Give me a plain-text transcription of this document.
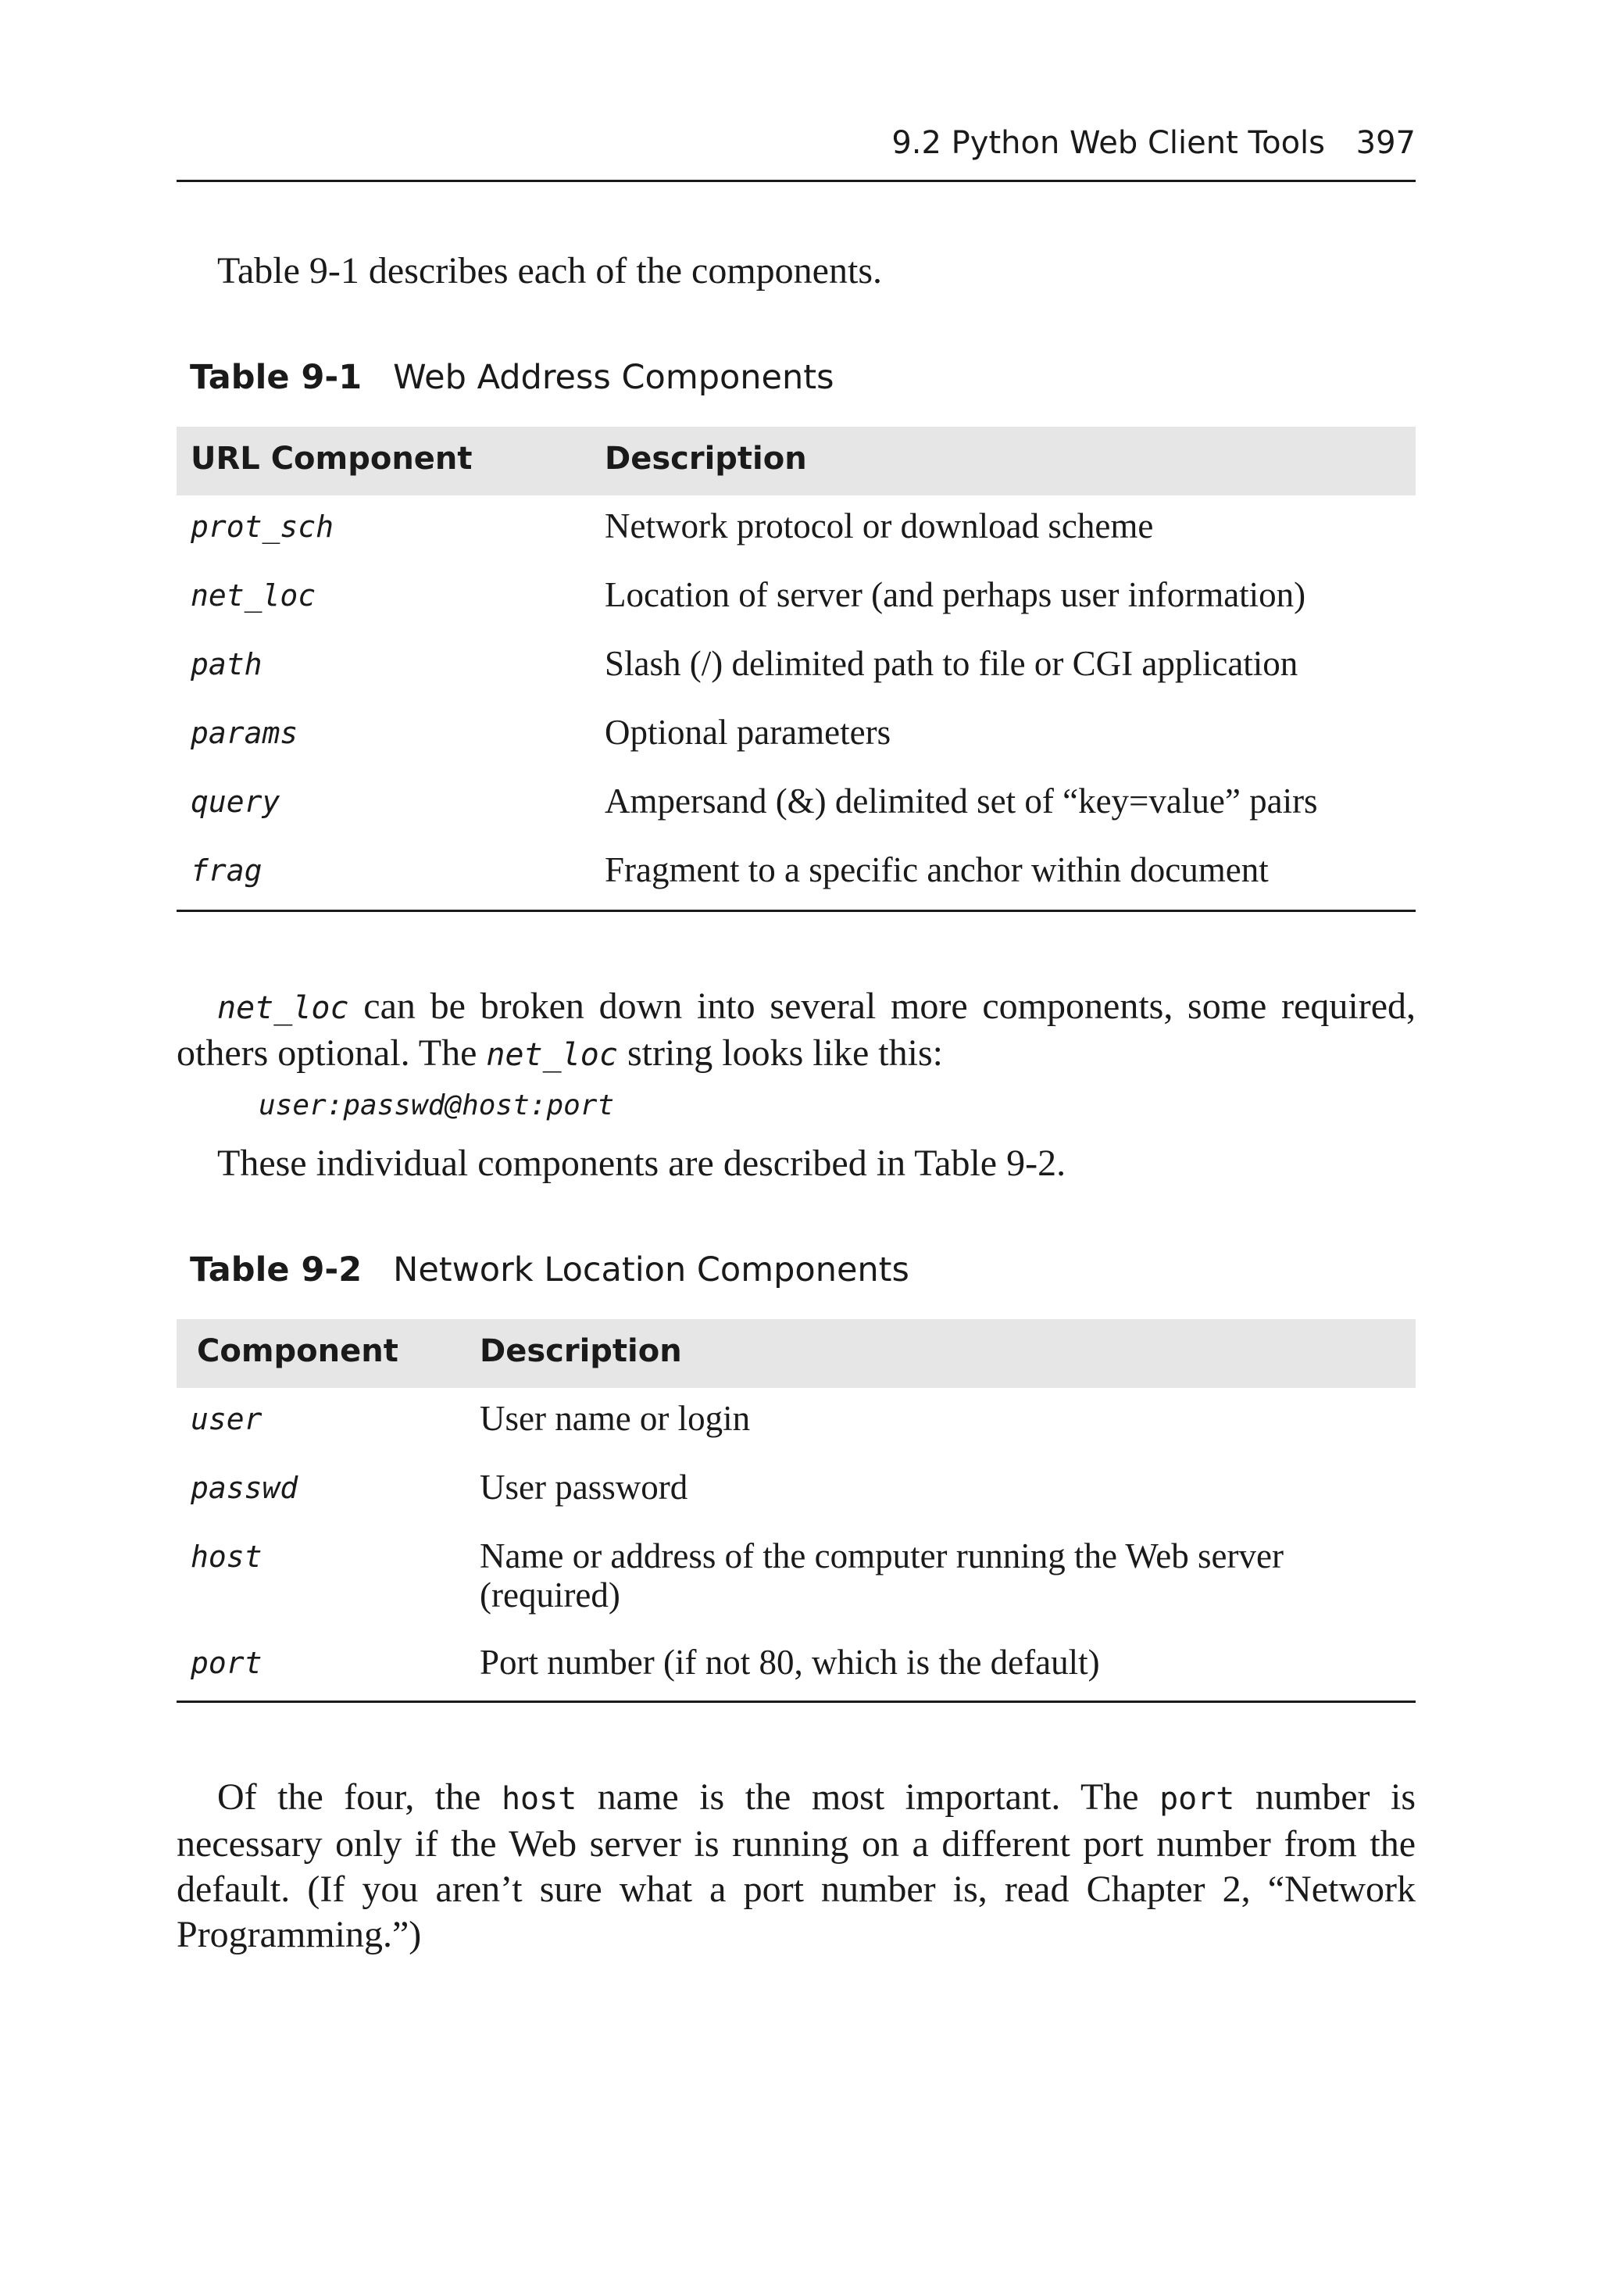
9.2 Python Web Client Tools 397
Table 9-1 describes each of the components.
Table 9-1 Web Address Components
URL Component	Description
prot_sch	Network protocol or download scheme
net_loc	Location of server (and perhaps user information)
path	Slash (/) delimited path to file or CGI application
params	Optional parameters
query	Ampersand (&) delimited set of “key=value” pairs
frag	Fragment to a specific anchor within document
net_loc can be broken down into several more components, some required, others optional. The net_loc string looks like this:
user:passwd@host:port
These individual components are described in Table 9-2.
Table 9-2 Network Location Components
Component	Description
user	User name or login
passwd	User password
host	Name or address of the computer running the Web server (required)
port	Port number (if not 80, which is the default)
Of the four, the host name is the most important. The port number is necessary only if the Web server is running on a different port number from the default. (If you aren’t sure what a port number is, read Chapter 2, “Network Programming.”)
